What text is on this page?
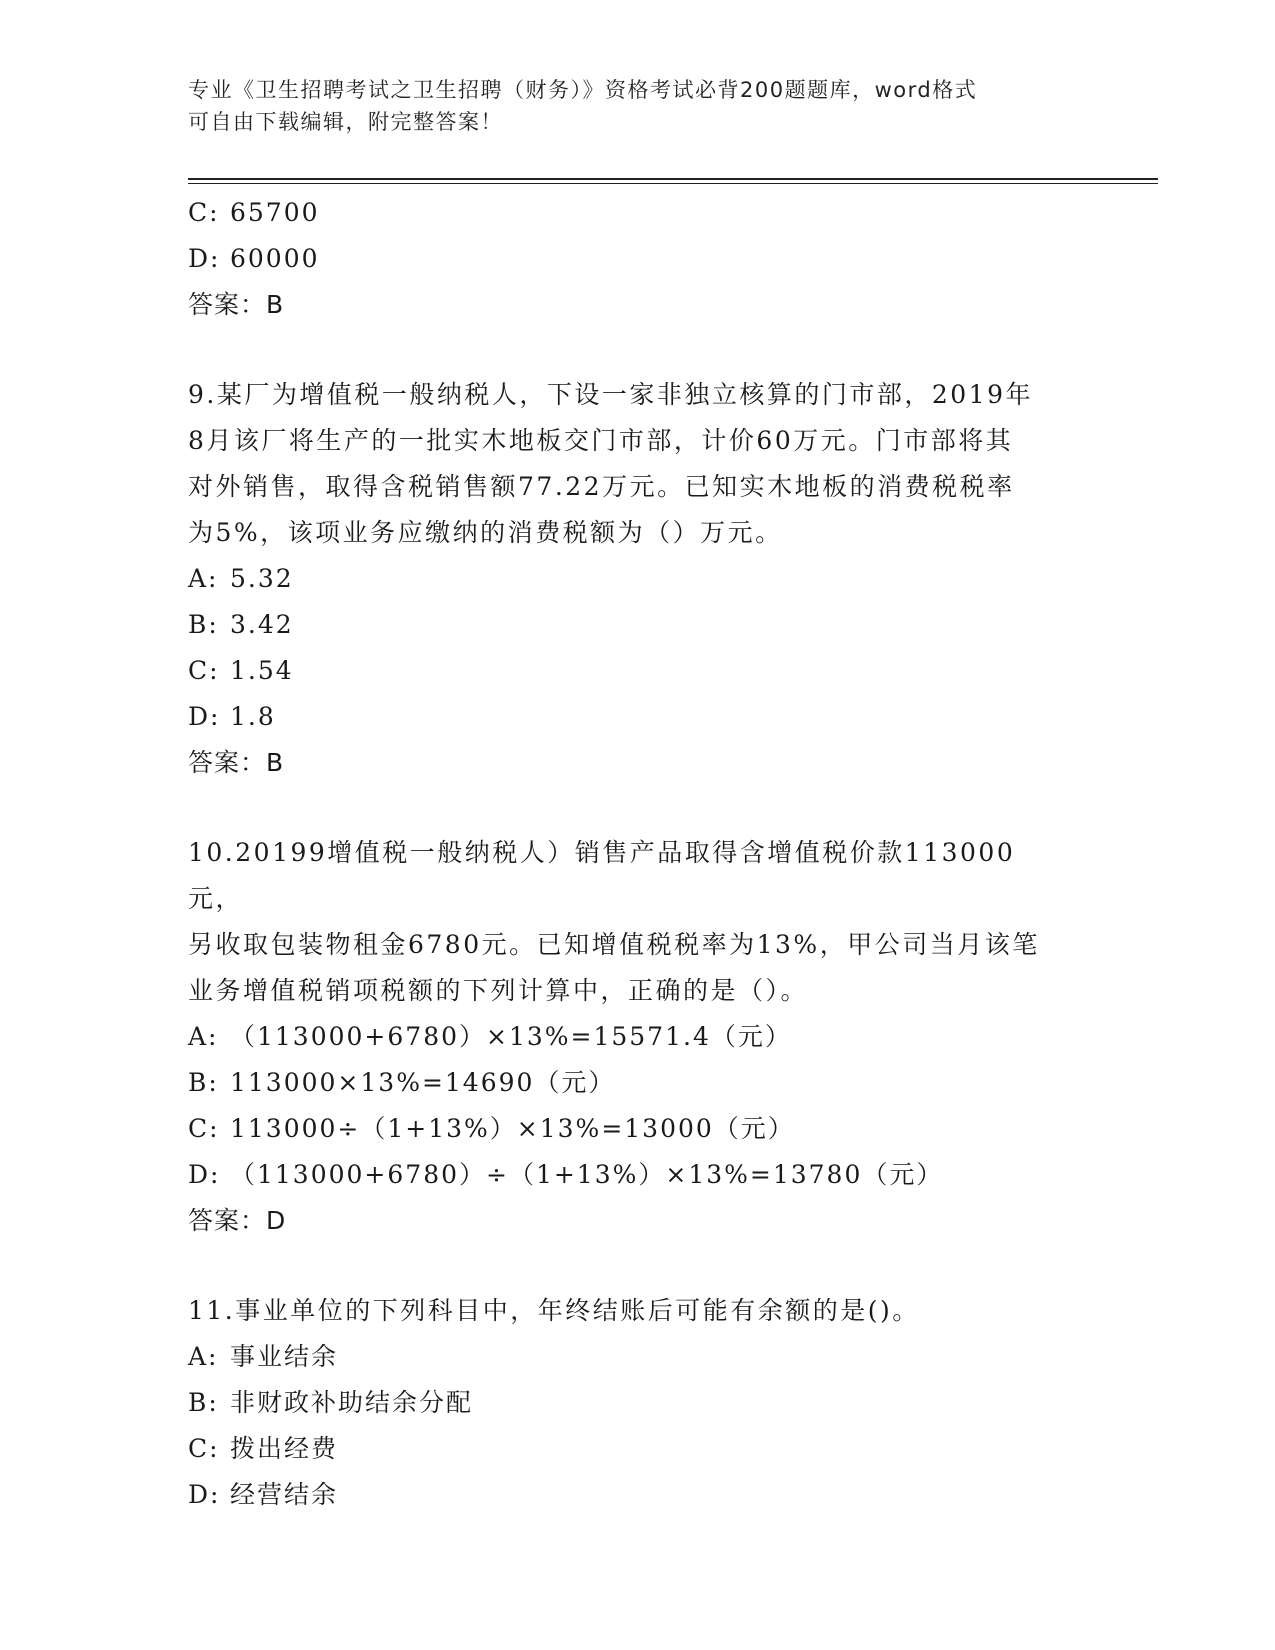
专业《卫生招聘考试之卫生招聘（财务）》资格考试必背200题题库，word格式
可自由下载编辑，附完整答案！
C: 65700
D: 60000
答案：B
9.某厂为增值税一般纳税人，下设一家非独立核算的门市部，2019年
8月该厂将生产的一批实木地板交门市部，计价60万元。门市部将其
对外销售，取得含税销售额77.22万元。已知实木地板的消费税税率
为5%，该项业务应缴纳的消费税额为（）万元。
A: 5.32
B: 3.42
C: 1.54
D: 1.8
答案：B
10.20199增值税一般纳税人）销售产品取得含增值税价款113000元，
另收取包装物租金6780元。已知增值税税率为13%，甲公司当月该笔
业务增值税销项税额的下列计算中，正确的是（）。
A: （113000+6780）×13%=15571.4（元）
B: 113000×13%=14690（元）
C: 113000÷（1+13%）×13%=13000（元）
D: （113000+6780）÷（1+13%）×13%=13780（元）
答案：D
11.事业单位的下列科目中，年终结账后可能有余额的是()。
A: 事业结余
B: 非财政补助结余分配
C: 拨出经费
D: 经营结余
